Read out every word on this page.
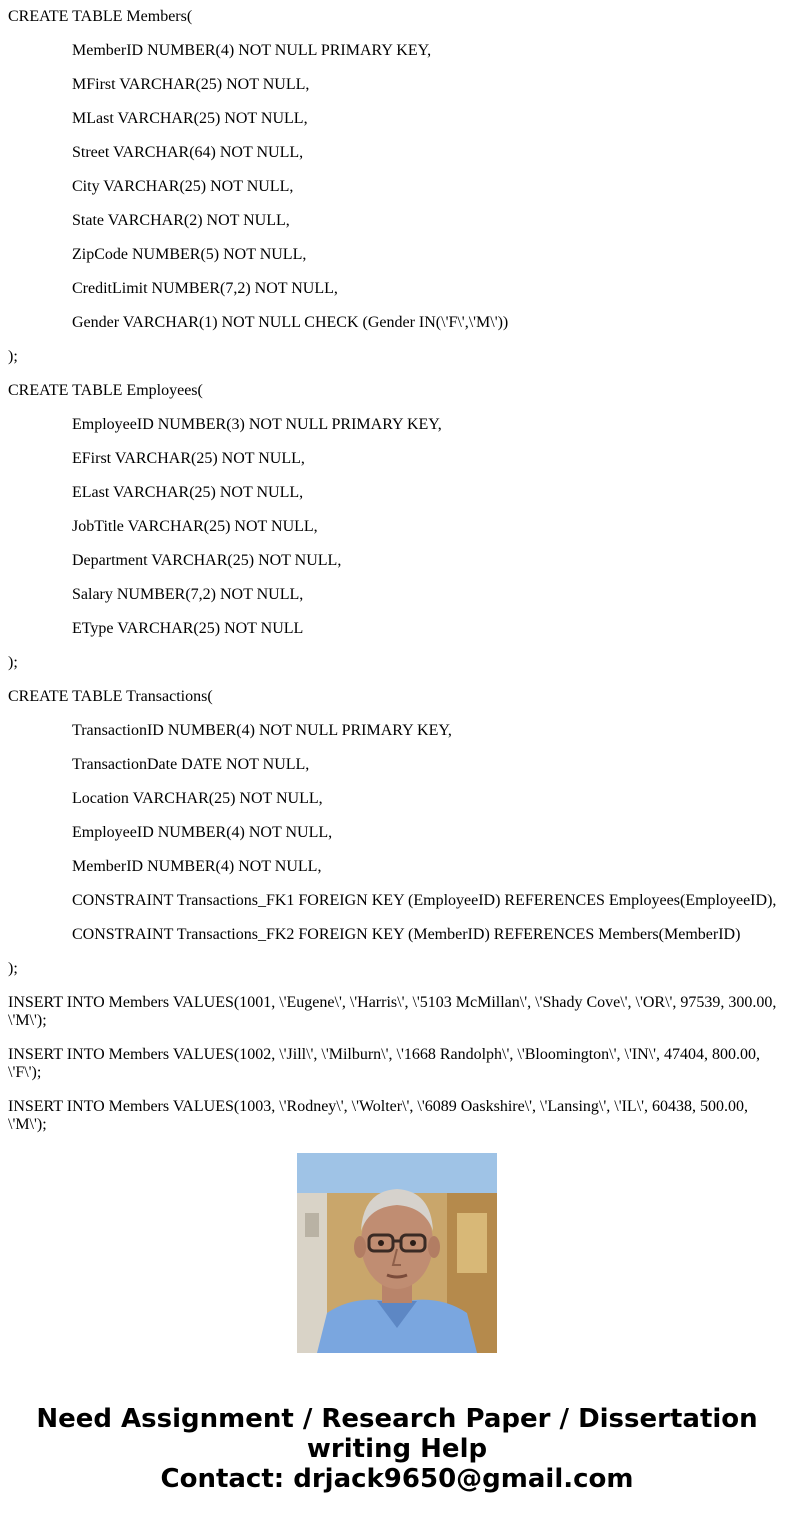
CREATE TABLE Members(

MemberID NUMBER(4) NOT NULL PRIMARY KEY,

MFirst VARCHAR(25) NOT NULL,

MLast VARCHAR(25) NOT NULL,

Street VARCHAR(64) NOT NULL,

City VARCHAR(25) NOT NULL,

State VARCHAR(2) NOT NULL,

ZipCode NUMBER(5) NOT NULL,

CreditLimit NUMBER(7,2) NOT NULL,

Gender VARCHAR(1) NOT NULL CHECK (Gender IN(\'F\',\'M\'))

);

CREATE TABLE Employees(

EmployeeID NUMBER(3) NOT NULL PRIMARY KEY,

EFirst VARCHAR(25) NOT NULL,

ELast VARCHAR(25) NOT NULL,

JobTitle VARCHAR(25) NOT NULL,

Department VARCHAR(25) NOT NULL,

Salary NUMBER(7,2) NOT NULL,

EType VARCHAR(25) NOT NULL

);

CREATE TABLE Transactions(

TransactionID NUMBER(4) NOT NULL PRIMARY KEY,

TransactionDate DATE NOT NULL,

Location VARCHAR(25) NOT NULL,

EmployeeID NUMBER(4) NOT NULL,

MemberID NUMBER(4) NOT NULL,

CONSTRAINT Transactions_FK1 FOREIGN KEY (EmployeeID) REFERENCES Employees(EmployeeID),

CONSTRAINT Transactions_FK2 FOREIGN KEY (MemberID) REFERENCES Members(MemberID)

);

INSERT INTO Members VALUES(1001, \'Eugene\', \'Harris\', \'5103 McMillan\', \'Shady Cove\', \'OR\', 97539, 300.00, \'M\');

INSERT INTO Members VALUES(1002, \'Jill\', \'Milburn\', \'1668 Randolph\', \'Bloomington\', \'IN\', 47404, 800.00, \'F\');

INSERT INTO Members VALUES(1003, \'Rodney\', \'Wolter\', \'6089 Oaskshire\', \'Lansing\', \'IL\', 60438, 500.00, \'M\');

Need Assignment / Research Paper / Dissertation
writing Help
Contact: drjack9650@gmail.com
